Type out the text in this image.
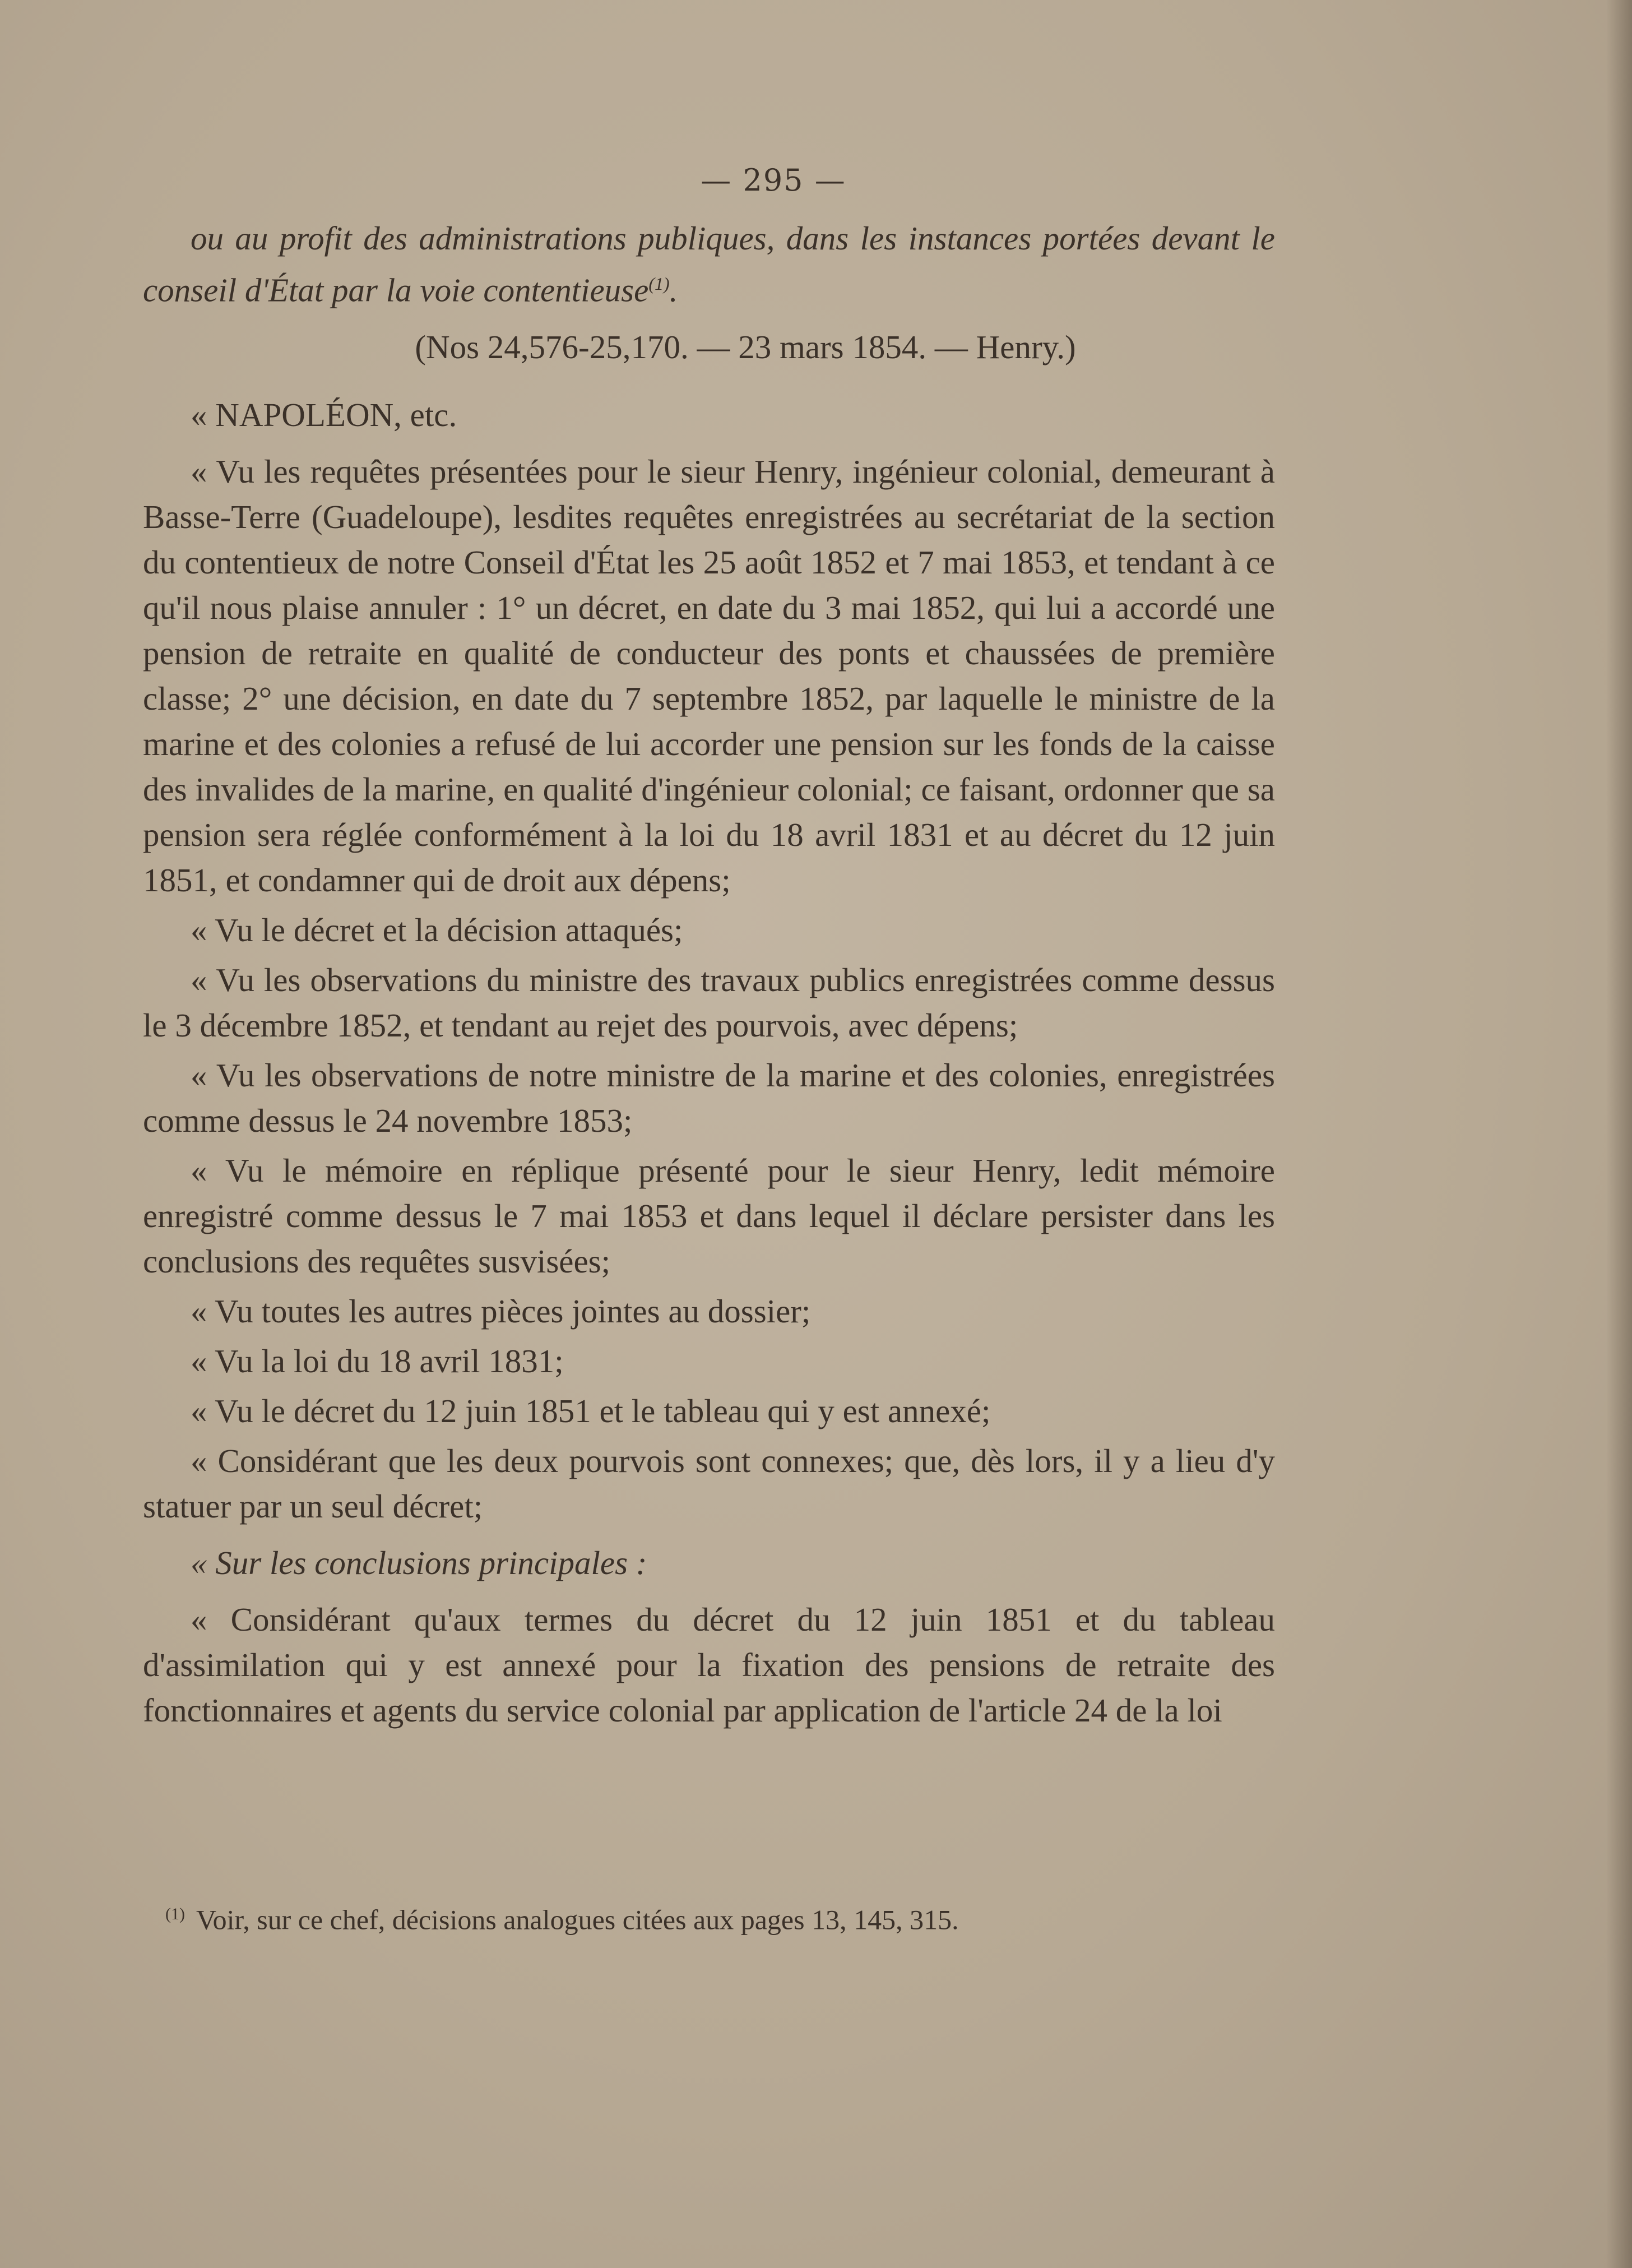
— 295 —

ou au profit des administrations publiques, dans les instances portées devant le conseil d'État par la voie contentieuse$^{(1)}$.

(Nos 24,576-25,170. — 23 mars 1854. — Henry.)

« NAPOLÉON, etc.

« Vu les requêtes présentées pour le sieur Henry, ingénieur colonial, demeurant à Basse-Terre (Guadeloupe), lesdites requêtes enregistrées au secrétariat de la section du contentieux de notre Conseil d'État les 25 août 1852 et 7 mai 1853, et tendant à ce qu'il nous plaise annuler : 1° un décret, en date du 3 mai 1852, qui lui a accordé une pension de retraite en qualité de conducteur des ponts et chaussées de première classe; 2° une décision, en date du 7 septembre 1852, par laquelle le ministre de la marine et des colonies a refusé de lui accorder une pension sur les fonds de la caisse des invalides de la marine, en qualité d'ingénieur colonial; ce faisant, ordonner que sa pension sera réglée conformément à la loi du 18 avril 1831 et au décret du 12 juin 1851, et condamner qui de droit aux dépens;

« Vu le décret et la décision attaqués;

« Vu les observations du ministre des travaux publics enregistrées comme dessus le 3 décembre 1852, et tendant au rejet des pourvois, avec dépens;

« Vu les observations de notre ministre de la marine et des colonies, enregistrées comme dessus le 24 novembre 1853;

« Vu le mémoire en réplique présenté pour le sieur Henry, ledit mémoire enregistré comme dessus le 7 mai 1853 et dans lequel il déclare persister dans les conclusions des requêtes susvisées;

« Vu toutes les autres pièces jointes au dossier;

« Vu la loi du 18 avril 1831;

« Vu le décret du 12 juin 1851 et le tableau qui y est annexé;

« Considérant que les deux pourvois sont connexes; que, dès lors, il y a lieu d'y statuer par un seul décret;

« Sur les conclusions principales :

« Considérant qu'aux termes du décret du 12 juin 1851 et du tableau d'assimilation qui y est annexé pour la fixation des pensions de retraite des fonctionnaires et agents du service colonial par application de l'article 24 de la loi

$^{(1)}$ Voir, sur ce chef, décisions analogues citées aux pages 13, 145, 315.
